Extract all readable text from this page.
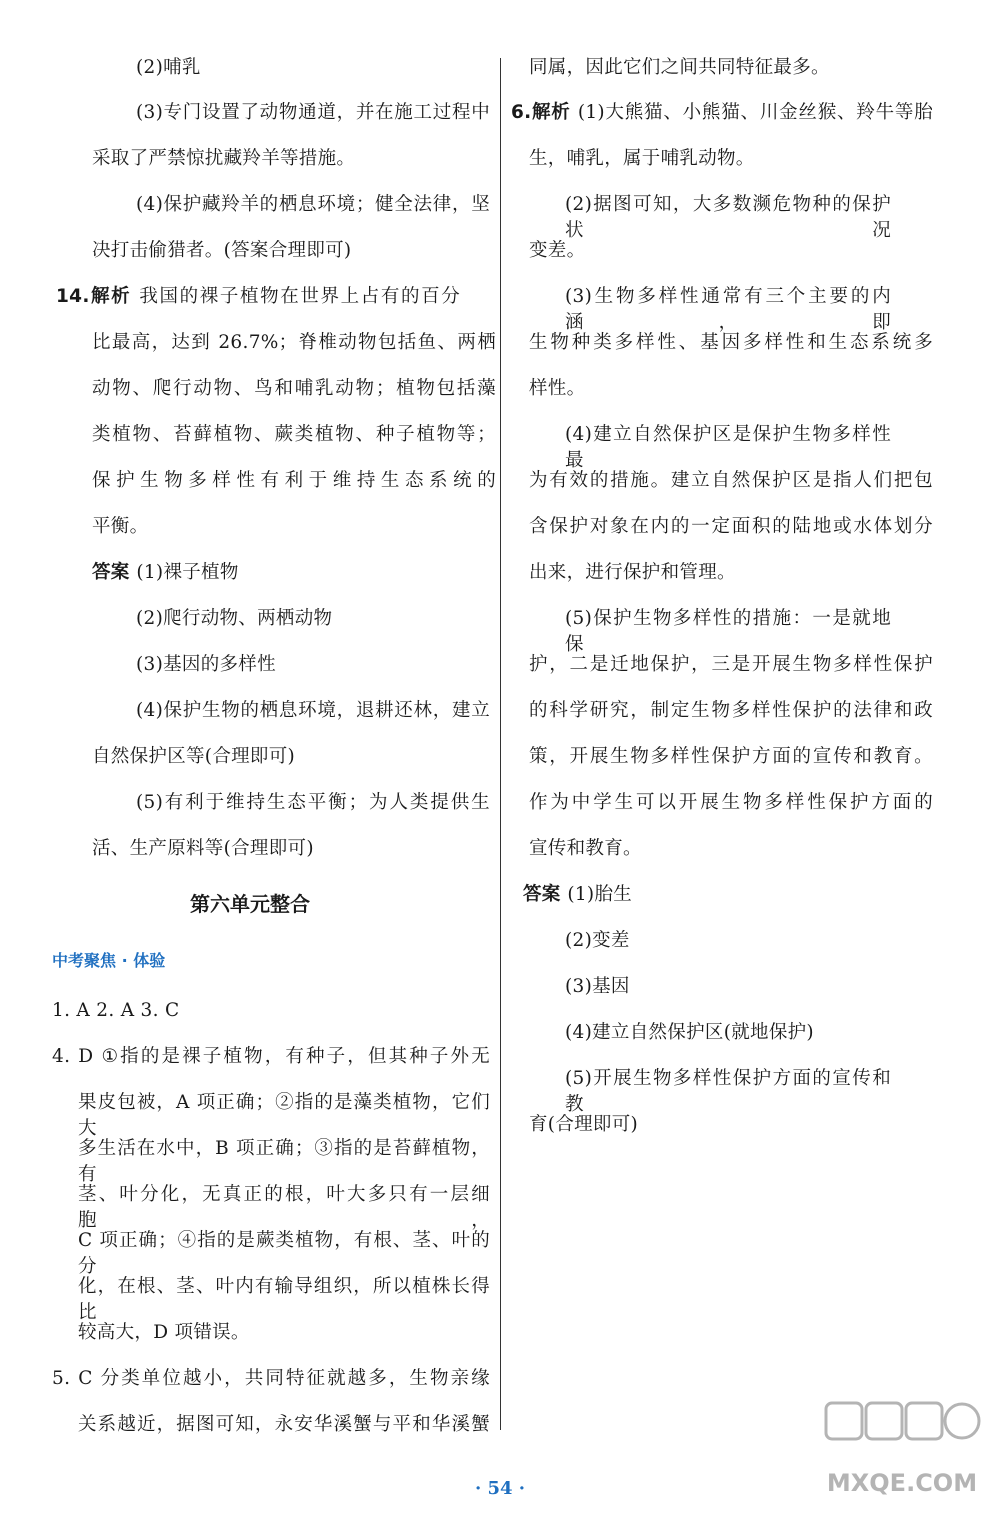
(2)哺乳
(3)专门设置了动物通道，并在施工过程中
采取了严禁惊扰藏羚羊等措施。
(4)保护藏羚羊的栖息环境；健全法律，坚
决打击偷猎者。(答案合理即可)
14.解析 我国的裸子植物在世界上占有的百分
比最高，达到 26.7%；脊椎动物包括鱼、两栖
动物、爬行动物、鸟和哺乳动物；植物包括藻
类植物、苔藓植物、蕨类植物、种子植物等；
保护生物多样性有利于维持生态系统的
平衡。
答案 (1)裸子植物
(2)爬行动物、两栖动物
(3)基因的多样性
(4)保护生物的栖息环境，退耕还林，建立
自然保护区等(合理即可)
(5)有利于维持生态平衡；为人类提供生
活、生产原料等(合理即可)
第六单元整合
中考聚焦 · 体验
1. A 2. A 3. C
4. D ①指的是裸子植物，有种子，但其种子外无
果皮包被，A 项正确；②指的是藻类植物，它们大
多生活在水中，B 项正确；③指的是苔藓植物，有
茎、叶分化，无真正的根，叶大多只有一层细胞，
C 项正确；④指的是蕨类植物，有根、茎、叶的分
化，在根、茎、叶内有输导组织，所以植株长得比
较高大，D 项错误。
5. C 分类单位越小，共同特征就越多，生物亲缘
关系越近，据图可知，永安华溪蟹与平和华溪蟹
同属，因此它们之间共同特征最多。
6.解析 (1)大熊猫、小熊猫、川金丝猴、羚牛等胎
生，哺乳，属于哺乳动物。
(2)据图可知，大多数濒危物种的保护状况
变差。
(3)生物多样性通常有三个主要的内涵，即
生物种类多样性、基因多样性和生态系统多
样性。
(4)建立自然保护区是保护生物多样性最
为有效的措施。建立自然保护区是指人们把包
含保护对象在内的一定面积的陆地或水体划分
出来，进行保护和管理。
(5)保护生物多样性的措施：一是就地保
护，二是迁地保护，三是开展生物多样性保护
的科学研究，制定生物多样性保护的法律和政
策，开展生物多样性保护方面的宣传和教育。
作为中学生可以开展生物多样性保护方面的
宣传和教育。
答案 (1)胎生
(2)变差
(3)基因
(4)建立自然保护区(就地保护)
(5)开展生物多样性保护方面的宣传和教
育(合理即可)
· 54 ·	MXQE.COM
